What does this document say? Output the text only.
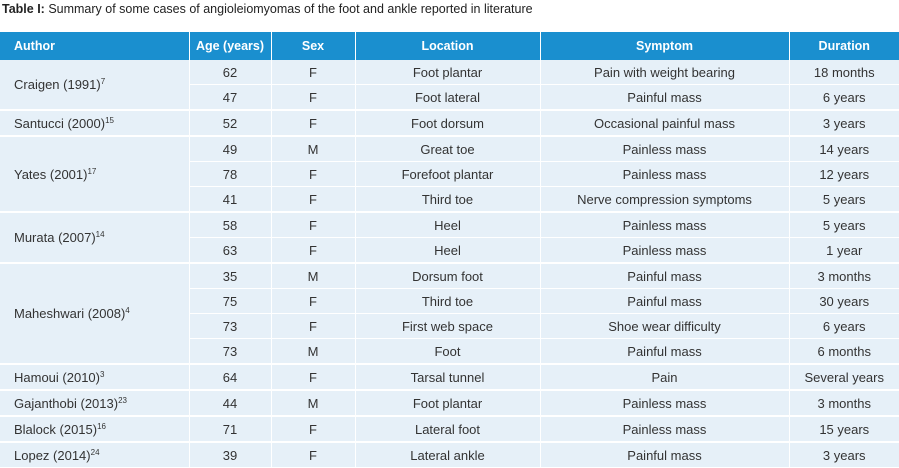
Table I: Summary of some cases of angioleiomyomas of the foot and ankle reported in literature
Author	Age (years)	Sex	Location	Symptom	Duration
Craigen $(1991)^7$	62	F	Foot plantar	Pain with weight bearing	18 months
	47	F	Foot lateral	Painful mass	6 years
Santucci $(2000)^{15}$	52	F	Foot dorsum	Occasional painful mass	3 years
Yates $(2001)^{17}$	49	M	Great toe	Painless mass	14 years
	78	F	Forefoot plantar	Painless mass	12 years
	41	F	Third toe	Nerve compression symptoms	5 years
Murata $(2007)^{14}$	58	F	Heel	Painless mass	5 years
	63	F	Heel	Painless mass	1 year
Maheshwari $(2008)^4$	35	M	Dorsum foot	Painful mass	3 months
	75	F	Third toe	Painful mass	30 years
	73	F	First web space	Shoe wear difficulty	6 years
	73	M	Foot	Painful mass	6 months
Hamoui $(2010)^3$	64	F	Tarsal tunnel	Pain	Several years
Gajanthobi $(2013)^{23}$	44	M	Foot plantar	Painless mass	3 months
Blalock $(2015)^{16}$	71	F	Lateral foot	Painless mass	15 years
Lopez $(2014)^{24}$	39	F	Lateral ankle	Painful mass	3 years
